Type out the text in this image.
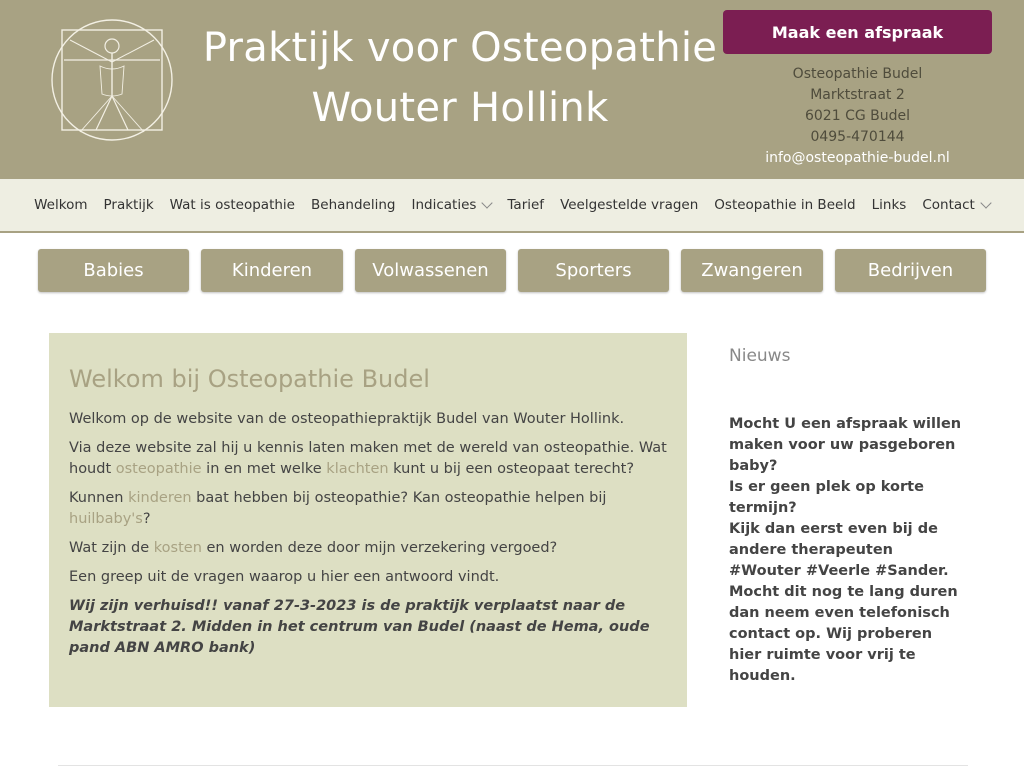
Praktijk voor Osteopathie
Wouter Hollink
Maak een afspraak
Osteopathie Budel
Marktstraat 2
6021 CG Budel
0495-470144
info@osteopathie-budel.nl
Welkom Praktijk Wat is osteopathie Behandeling Indicaties Tarief Veelgestelde vragen Osteopathie in Beeld Links Contact
Babies	Kinderen	Volwassenen	Sporters	Zwangeren	Bedrijven
Welkom bij Osteopathie Budel

Welkom op de website van de osteopathiepraktijk Budel van Wouter Hollink.

Via deze website zal hij u kennis laten maken met de wereld van osteopathie. Wat houdt osteopathie in en met welke klachten kunt u bij een osteopaat terecht?

Kunnen kinderen baat hebben bij osteopathie? Kan osteopathie helpen bij huilbaby's?

Wat zijn de kosten en worden deze door mijn verzekering vergoed?

Een greep uit de vragen waarop u hier een antwoord vindt.

Wij zijn verhuisd!! vanaf 27-3-2023 is de praktijk verplaatst naar de Marktstraat 2. Midden in het centrum van Budel (naast de Hema, oude pand ABN AMRO bank)

Nieuws

Mocht U een afspraak willen maken voor uw pasgeboren baby?
Is er geen plek op korte termijn?
Kijk dan eerst even bij de andere therapeuten #Wouter #Veerle #Sander.
Mocht dit nog te lang duren dan neem even telefonisch contact op. Wij proberen hier ruimte voor vrij te houden.
